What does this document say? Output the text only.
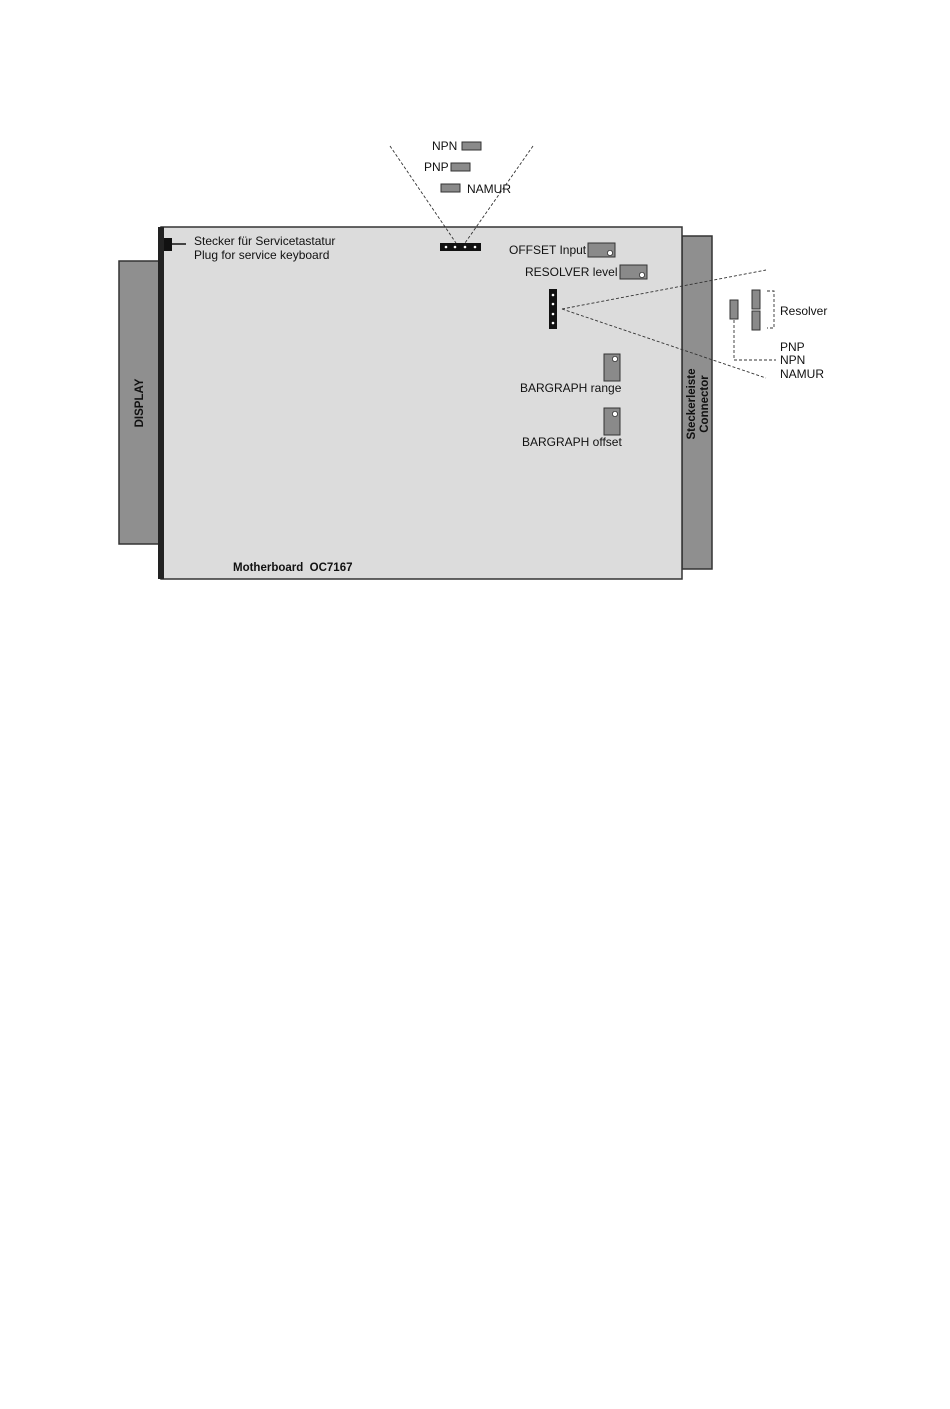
DISPLAY	Steckerleiste Connector
Stecker für Servicetastatur
Plug for service keyboard
NPN
PNP
NAMUR
OFFSET Input
RESOLVER level
Resolver
PNP
NPN
NAMUR
BARGRAPH range
BARGRAPH offset
Motherboard  OC7167
